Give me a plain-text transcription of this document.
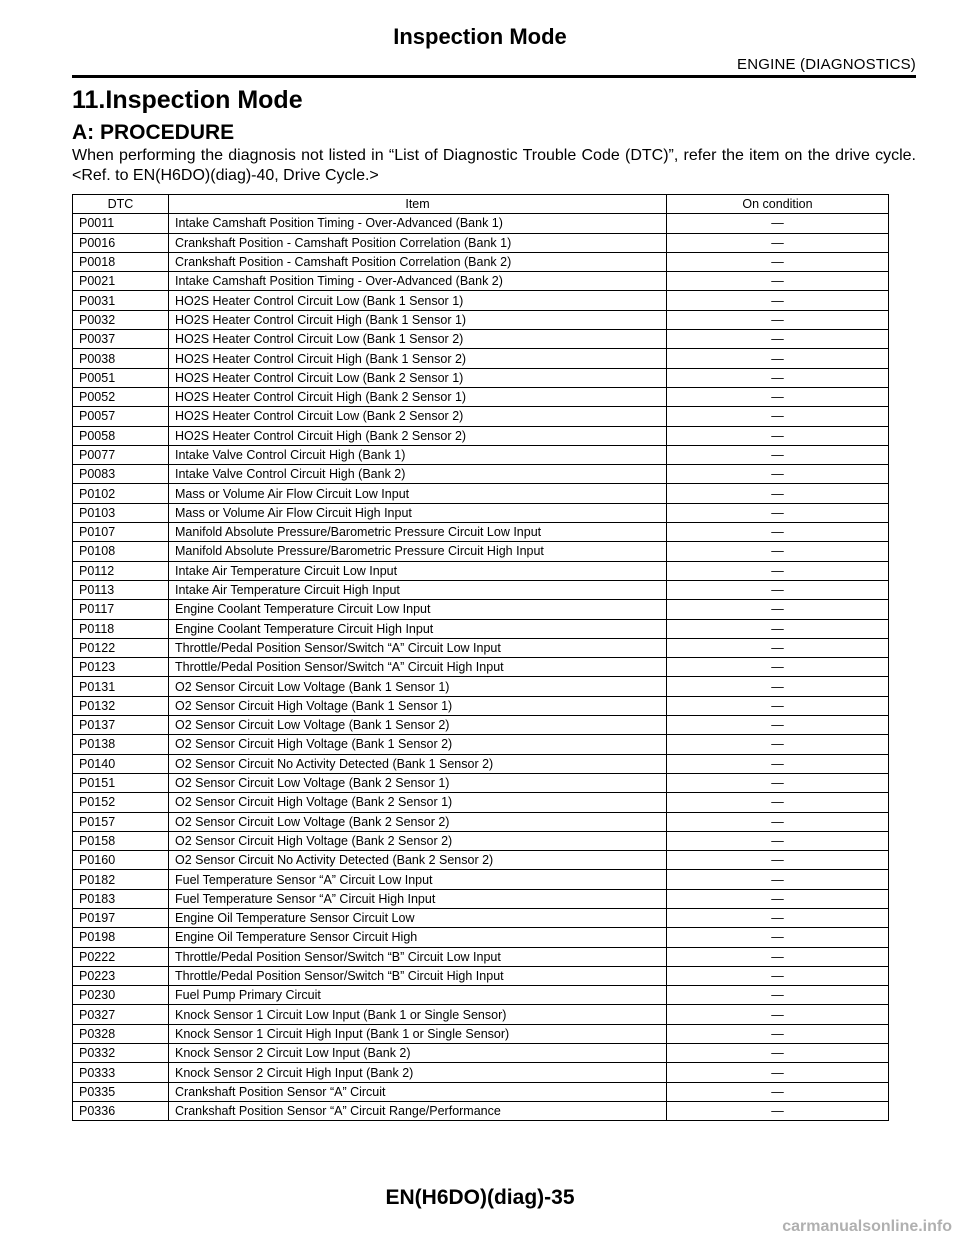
Inspection Mode
ENGINE (DIAGNOSTICS)
11.Inspection Mode
A: PROCEDURE
When performing the diagnosis not listed in “List of Diagnostic Trouble Code (DTC)”, refer the item on the drive cycle. <Ref. to EN(H6DO)(diag)-40, Drive Cycle.>
DTC	Item	On condition
P0011	Intake Camshaft Position Timing - Over-Advanced (Bank 1)	—
P0016	Crankshaft Position - Camshaft Position Correlation (Bank 1)	—
P0018	Crankshaft Position - Camshaft Position Correlation (Bank 2)	—
P0021	Intake Camshaft Position Timing - Over-Advanced (Bank 2)	—
P0031	HO2S Heater Control Circuit Low (Bank 1 Sensor 1)	—
P0032	HO2S Heater Control Circuit High (Bank 1 Sensor 1)	—
P0037	HO2S Heater Control Circuit Low (Bank 1 Sensor 2)	—
P0038	HO2S Heater Control Circuit High (Bank 1 Sensor 2)	—
P0051	HO2S Heater Control Circuit Low (Bank 2 Sensor 1)	—
P0052	HO2S Heater Control Circuit High (Bank 2 Sensor 1)	—
P0057	HO2S Heater Control Circuit Low (Bank 2 Sensor 2)	—
P0058	HO2S Heater Control Circuit High (Bank 2 Sensor 2)	—
P0077	Intake Valve Control Circuit High (Bank 1)	—
P0083	Intake Valve Control Circuit High (Bank 2)	—
P0102	Mass or Volume Air Flow Circuit Low Input	—
P0103	Mass or Volume Air Flow Circuit High Input	—
P0107	Manifold Absolute Pressure/Barometric Pressure Circuit Low Input	—
P0108	Manifold Absolute Pressure/Barometric Pressure Circuit High Input	—
P0112	Intake Air Temperature Circuit Low Input	—
P0113	Intake Air Temperature Circuit High Input	—
P0117	Engine Coolant Temperature Circuit Low Input	—
P0118	Engine Coolant Temperature Circuit High Input	—
P0122	Throttle/Pedal Position Sensor/Switch “A” Circuit Low Input	—
P0123	Throttle/Pedal Position Sensor/Switch “A” Circuit High Input	—
P0131	O2 Sensor Circuit Low Voltage (Bank 1 Sensor 1)	—
P0132	O2 Sensor Circuit High Voltage (Bank 1 Sensor 1)	—
P0137	O2 Sensor Circuit Low Voltage (Bank 1 Sensor 2)	—
P0138	O2 Sensor Circuit High Voltage (Bank 1 Sensor 2)	—
P0140	O2 Sensor Circuit No Activity Detected (Bank 1 Sensor 2)	—
P0151	O2 Sensor Circuit Low Voltage (Bank 2 Sensor 1)	—
P0152	O2 Sensor Circuit High Voltage (Bank 2 Sensor 1)	—
P0157	O2 Sensor Circuit Low Voltage (Bank 2 Sensor 2)	—
P0158	O2 Sensor Circuit High Voltage (Bank 2 Sensor 2)	—
P0160	O2 Sensor Circuit No Activity Detected (Bank 2 Sensor 2)	—
P0182	Fuel Temperature Sensor “A” Circuit Low Input	—
P0183	Fuel Temperature Sensor “A” Circuit High Input	—
P0197	Engine Oil Temperature Sensor Circuit Low	—
P0198	Engine Oil Temperature Sensor Circuit High	—
P0222	Throttle/Pedal Position Sensor/Switch “B” Circuit Low Input	—
P0223	Throttle/Pedal Position Sensor/Switch “B” Circuit High Input	—
P0230	Fuel Pump Primary Circuit	—
P0327	Knock Sensor 1 Circuit Low Input (Bank 1 or Single Sensor)	—
P0328	Knock Sensor 1 Circuit High Input (Bank 1 or Single Sensor)	—
P0332	Knock Sensor 2 Circuit Low Input (Bank 2)	—
P0333	Knock Sensor 2 Circuit High Input (Bank 2)	—
P0335	Crankshaft Position Sensor “A” Circuit	—
P0336	Crankshaft Position Sensor “A” Circuit Range/Performance	—
EN(H6DO)(diag)-35
carmanualsonline.info
